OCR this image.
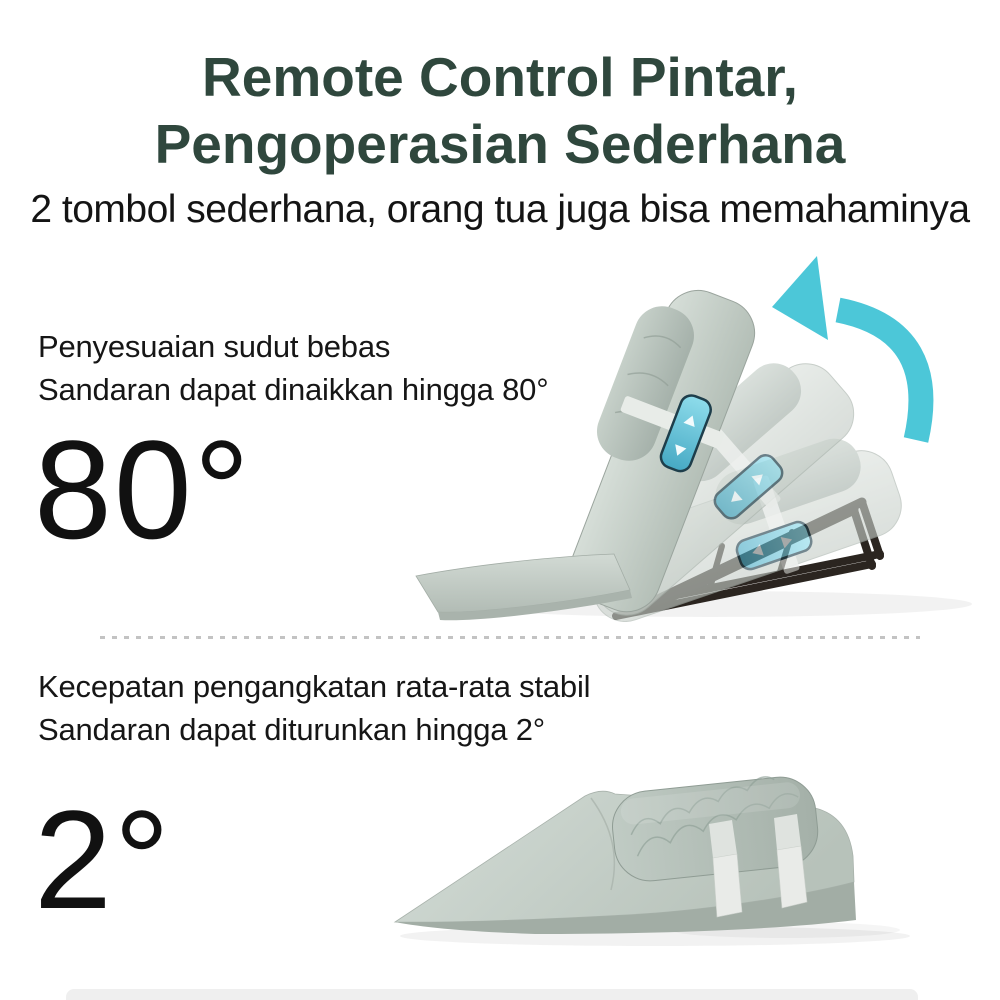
Remote Control Pintar,
Pengoperasian Sederhana
2 tombol sederhana, orang tua juga bisa memahaminya
Penyesuaian sudut bebas
Sandaran dapat dinaikkan hingga 80°
80°
Kecepatan pengangkatan rata-rata stabil
Sandaran dapat diturunkan hingga 2°
2°
